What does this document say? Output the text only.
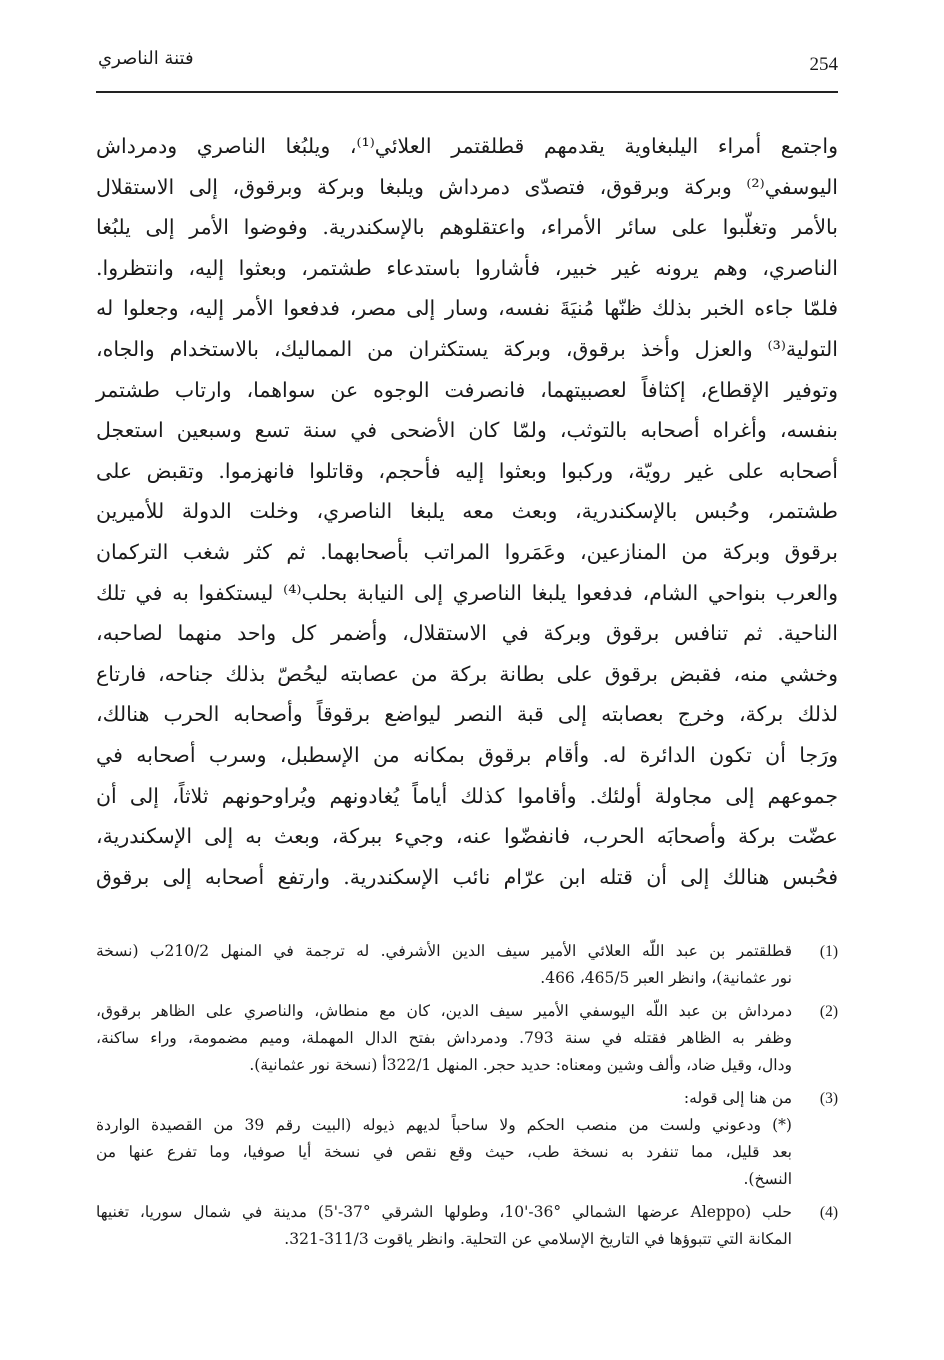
254
فتنة الناصري
واجتمع أمراء اليلبغاوية يقدمهم قطلقتمر العلائي⁽¹⁾، ويلبُغا الناصري ودمرداش
اليوسفي⁽²⁾ وبركة وبرقوق، فتصدّى دمرداش ويلبغا وبركة وبرقوق، إلى الاستقلال
بالأمر وتغلّبوا على سائر الأمراء، واعتقلوهم بالإسكندرية. وفوضوا الأمر إلى يلبُغا
الناصري، وهم يرونه غير خبير، فأشاروا باستدعاء طشتمر، وبعثوا إليه، وانتظروا.
فلمّا جاءه الخبر بذلك ظنّها مُنيَةَ نفسه، وسار إلى مصر، فدفعوا الأمر إليه، وجعلوا له
التولية⁽³⁾ والعزل وأخذ برقوق، وبركة يستكثران من المماليك، بالاستخدام والجاه،
وتوفير الإقطاع، إكثافاً لعصبيتهما، فانصرفت الوجوه عن سواهما، وارتاب طشتمر
بنفسه، وأغراه أصحابه بالتوثب، ولمّا كان الأضحى في سنة تسع وسبعين استعجل
أصحابه على غير رويّة، وركبوا وبعثوا إليه فأحجم، وقاتلوا فانهزموا. وتقبض على
طشتمر، وحُبس بالإسكندرية، وبعث معه يلبغا الناصري، وخلت الدولة للأميرين
برقوق وبركة من المنازعين، وعَمَروا المراتب بأصحابهما. ثم كثر شغب التركمان
والعرب بنواحي الشام، فدفعوا يلبغا الناصري إلى النيابة بحلب⁽⁴⁾ ليستكفوا به في تلك
الناحية. ثم تنافس برقوق وبركة في الاستقلال، وأضمر كل واحد منهما لصاحبه،
وخشي منه، فقبض برقوق على بطانة بركة من عصابته ليحُصّ بذلك جناحه، فارتاع
لذلك بركة، وخرج بعصابته إلى قبة النصر ليواضع برقوقاً وأصحابه الحرب هنالك،
ورَجا أن تكون الدائرة له. وأقام برقوق بمكانه من الإسطبل، وسرب أصحابه في
جموعهم إلى مجاولة أولئك. وأقاموا كذلك أياماً يُغادونهم ويُراوحونهم ثلاثاً، إلى أن
عضّت بركة وأصحابَه الحرب، فانفضّوا عنه، وجيء ببركة، وبعث به إلى الإسكندرية،
فحُبس هنالك إلى أن قتله ابن عرّام نائب الإسكندرية. وارتفع أصحابه إلى برقوق
(1)
قطلقتمر بن عبد اللّه العلائي الأمير سيف الدين الأشرفي. له ترجمة في المنهل 210/2ب (نسخة
نور عثمانية)، وانظر العبر 465/5، 466.
(2)
دمرداش بن عبد اللّه اليوسفي الأمير سيف الدين، كان مع منطاش، والناصري على الظاهر برقوق،
وظفر به الظاهر فقتله في سنة 793. ودمرداش بفتح الدال المهملة، وميم مضمومة، وراء ساكنة،
ودال، وقيل ضاد، وألف وشين ومعناه: حديد حجر. المنهل 322/1أ (نسخة نور عثمانية).
(3)
من هنا إلى قوله:
(*) ودعوني ولست من منصب الحكم ولا ساحباً لديهم ذيوله (البيت رقم 39 من القصيدة الواردة
بعد قليل، مما تنفرد به نسخة طب، حيث وقع نقص في نسخة أيا صوفيا، وما تفرع عنها من
النسخ).
(4)
حلب (Aleppo عرضها الشمالي °36-'10، وطولها الشرقي °37-'5) مدينة في شمال سوريا، تغنيها
المكانة التي تتبوؤها في التاريخ الإسلامي عن التحلية. وانظر ياقوت 311/3-321.
